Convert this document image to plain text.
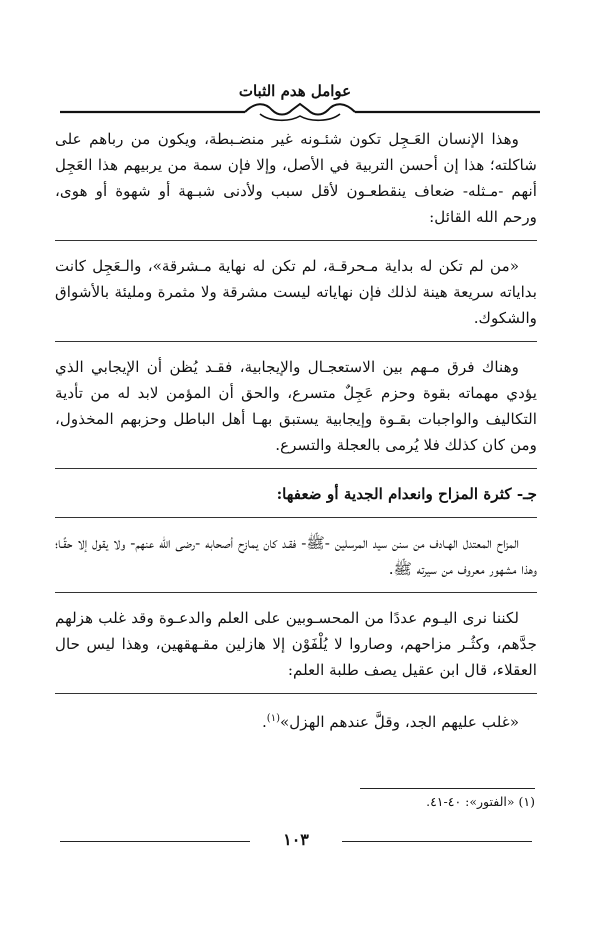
عوامل هدم الثبات

وهذا الإنسان العَـجِل تكون شئـونه غير منضـبطة، ويكون من رباهم على شاكلته؛ هذا إن أحسن التربية في الأصل، وإلا فإن سمة من يربيهم هذا العَجِل أنهم -مـثله- ضعاف ينقطعـون لأقل سبب ولأدنى شبـهة أو شهوة أو هوى، ورحم الله القائل:

«من لم تكن له بداية مـحرقـة، لم تكن له نهاية مـشرقة»، والـعَجِل كانت بداياته سريعة هينة لذلك فإن نهاياته ليست مشرقة ولا مثمرة ومليئة بالأشواق والشكوك.

وهناك فرق مـهم بين الاستعجـال والإيجابية، فقـد يُظن أن الإيجابي الذي يؤدي مهماته بقوة وحزم عَجِلٌ متسرع، والحق أن المؤمن لابد له من تأدية التكاليف والواجبات بقـوة وإيجابية يستبق بهـا أهل الباطل وحزبهم المخذول، ومن كان كذلك فلا يُرمى بالعجلة والتسرع.

جـ- كثرة المزاح وانعدام الجدية أو ضعفها:

المزاح المعتدل الهـادف من سنن سيد المرسلين -ﷺ- فقـد كان يمازح أصحابه -رضى الله عنهم- ولا يقول إلا حقًـا؛ وهذا مشهور معروف من سيرته ﷺ.

لكننا نرى اليـوم عددًا من المحسـوبين على العلم والدعـوة وقد غلب هزلهم جدَّهم، وكثُـر مزاحهم، وصاروا لا يُلْفَوْن إلا هازلين مقـهقهين، وهذا ليس حال العقلاء، قال ابن عقيل يصف طلبة العلم:

«غلب عليهم الجد، وقلَّ عندهم الهزل»$^{(١)}$.

(١) «الفتور»: ٤٠-٤١.
١٠٣
